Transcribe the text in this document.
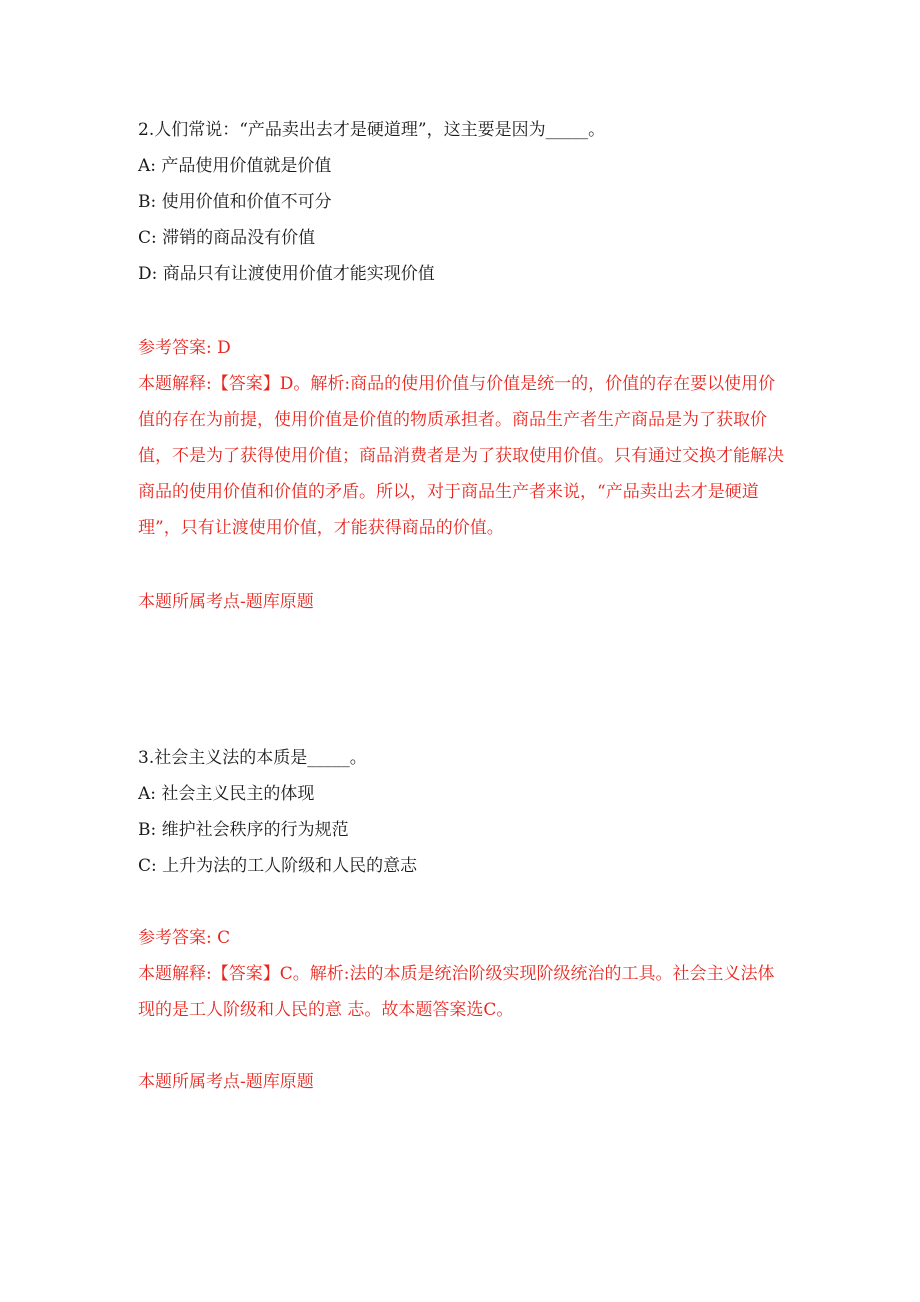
2.人们常说：“产品卖出去才是硬道理”，这主要是因为_____。
A: 产品使用价值就是价值
B: 使用价值和价值不可分
C: 滞销的商品没有价值
D: 商品只有让渡使用价值才能实现价值
参考答案: D
本题解释:【答案】D。解析:商品的使用价值与价值是统一的，价值的存在要以使用价值的存在为前提，使用价值是价值的物质承担者。商品生产者生产商品是为了获取价值，不是为了获得使用价值；商品消费者是为了获取使用价值。只有通过交换才能解决商品的使用价值和价值的矛盾。所以，对于商品生产者来说，“产品卖出去才是硬道理”，只有让渡使用价值，才能获得商品的价值。
本题所属考点-题库原题
3.社会主义法的本质是_____。
A: 社会主义民主的体现
B: 维护社会秩序的行为规范
C: 上升为法的工人阶级和人民的意志
参考答案: C
本题解释:【答案】C。解析:法的本质是统治阶级实现阶级统治的工具。社会主义法体现的是工人阶级和人民的意 志。故本题答案选C。
本题所属考点-题库原题
